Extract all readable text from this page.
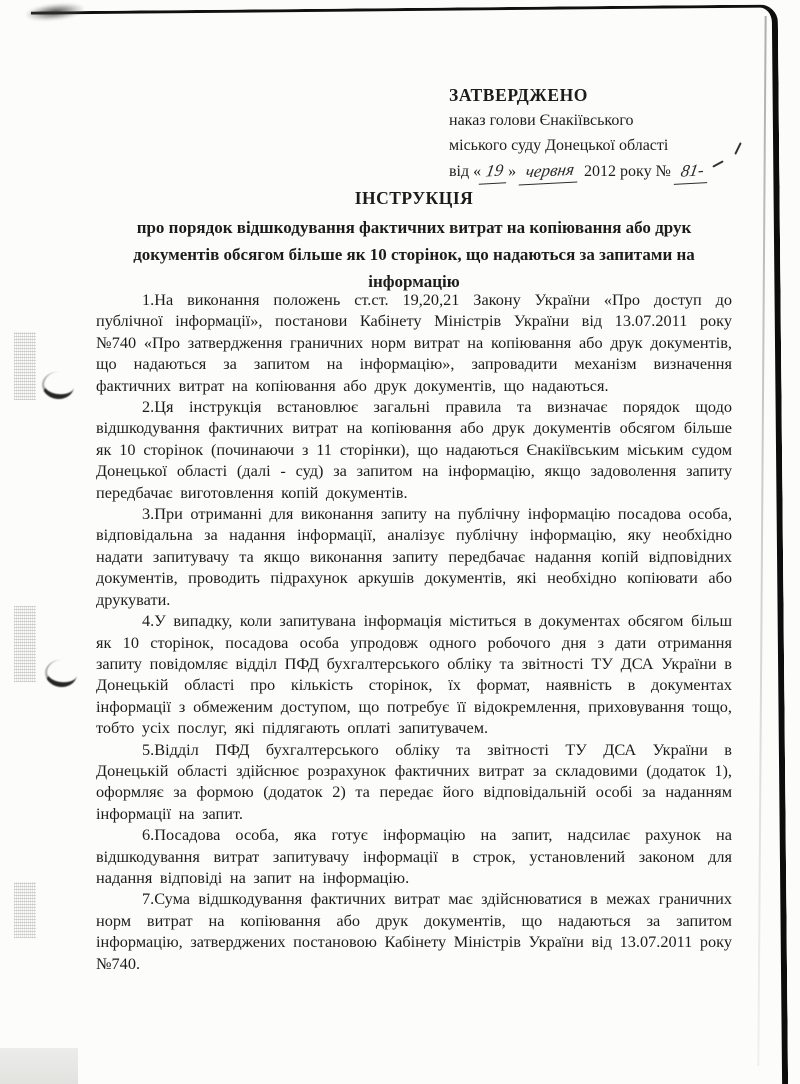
ЗАТВЕРДЖЕНО
наказ голови Єнакіївського
міського суду Донецької області
від « 19 » червня 2012 року № 81-
ІНСТРУКЦІЯ
про порядок відшкодування фактичних витрат на копіювання або друк документів обсягом більше як 10 сторінок, що надаються за запитами на інформацію

1.На виконання положень ст.ст. 19,20,21 Закону України «Про доступ до публічної інформації», постанови Кабінету Міністрів України від 13.07.2011 року №740 «Про затвердження граничних норм витрат на копіювання або друк документів, що надаються за запитом на інформацію», запровадити механізм визначення фактичних витрат на копіювання або друк документів, що надаються.

2.Ця інструкція встановлює загальні правила та визначає порядок щодо відшкодування фактичних витрат на копіювання або друк документів обсягом більше як 10 сторінок (починаючи з 11 сторінки), що надаються Єнакіївським міським судом Донецької області (далі - суд) за запитом на інформацію, якщо задоволення запиту передбачає виготовлення копій документів.

3.При отриманні для виконання запиту на публічну інформацію посадова особа, відповідальна за надання інформації, аналізує публічну інформацію, яку необхідно надати запитувачу та якщо виконання запиту передбачає надання копій відповідних документів, проводить підрахунок аркушів документів, які необхідно копіювати або друкувати.

4.У випадку, коли запитувана інформація міститься в документах обсягом більш як 10 сторінок, посадова особа упродовж одного робочого дня з дати отримання запиту повідомляє відділ ПФД бухгалтерського обліку та звітності ТУ ДСА України в Донецькій області про кількість сторінок, їх формат, наявність в документах інформації з обмеженим доступом, що потребує її відокремлення, приховування тощо, тобто усіх послуг, які підлягають оплаті запитувачем.

5.Відділ ПФД бухгалтерського обліку та звітності ТУ ДСА України в Донецькій області здійснює розрахунок фактичних витрат за складовими (додаток 1), оформляє за формою (додаток 2) та передає його відповідальній особі за наданням інформації на запит.

6.Посадова особа, яка готує інформацію на запит, надсилає рахунок на відшкодування витрат запитувачу інформації в строк, установлений законом для надання відповіді на запит на інформацію.

7.Сума відшкодування фактичних витрат має здійснюватися в межах граничних норм витрат на копіювання або друк документів, що надаються за запитом інформацію, затверджених постановою Кабінету Міністрів України від 13.07.2011 року №740.
